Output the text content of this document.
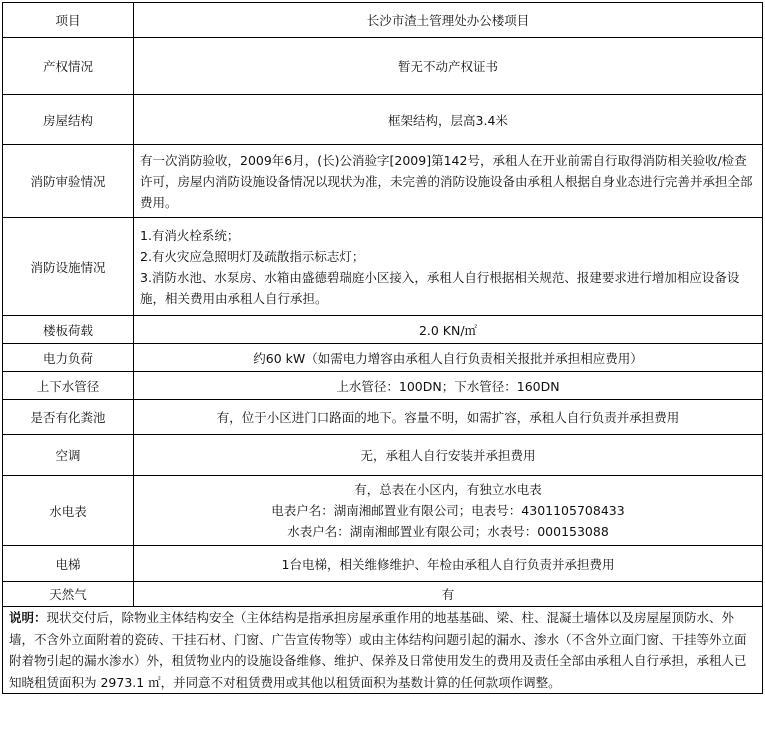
项目	长沙市渣土管理处办公楼项目
产权情况	暂无不动产权证书
房屋结构	框架结构，层高3.4米
消防审验情况	有一次消防验收，2009年6月，(长)公消验字[2009]第142号，承租人在开业前需自行取得消防相关验收/检查许可，房屋内消防设施设备情况以现状为准，未完善的消防设施设备由承租人根据自身业态进行完善并承担全部费用。
消防设施情况	1.有消火栓系统；
2.有火灾应急照明灯及疏散指示标志灯；
3.消防水池、水泵房、水箱由盛德碧瑞庭小区接入，承租人自行根据相关规范、报建要求进行增加相应设备设施，相关费用由承租人自行承担。

楼板荷载	2.0 KN/㎡
电力负荷	约60 kW（如需电力增容由承租人自行负责相关报批并承担相应费用）
上下水管径	上水管径：100DN；下水管径：160DN
是否有化粪池	有，位于小区进门口路面的地下。容量不明，如需扩容，承租人自行负责并承担费用
空调	无，承租人自行安装并承担费用
水电表	有，总表在小区内，有独立水电表
电表户名：湖南湘邮置业有限公司；电表号：4301105708433
水表户名：湖南湘邮置业有限公司；水表号：000153088

电梯	1台电梯，相关维修维护、年检由承租人自行负责并承担费用
天然气	有
说明：现状交付后，除物业主体结构安全（主体结构是指承担房屋承重作用的地基基础、梁、柱、混凝土墙体以及房屋屋顶防水、外墙，不含外立面附着的瓷砖、干挂石材、门窗、广告宣传物等）或由主体结构问题引起的漏水、渗水（不含外立面门窗、干挂等外立面附着物引起的漏水渗水）外，租赁物业内的设施设备维修、维护、保养及日常使用发生的费用及责任全部由承租人自行承担，承租人已知晓租赁面积为 2973.1 ㎡，并同意不对租赁费用或其他以租赁面积为基数计算的任何款项作调整。	
